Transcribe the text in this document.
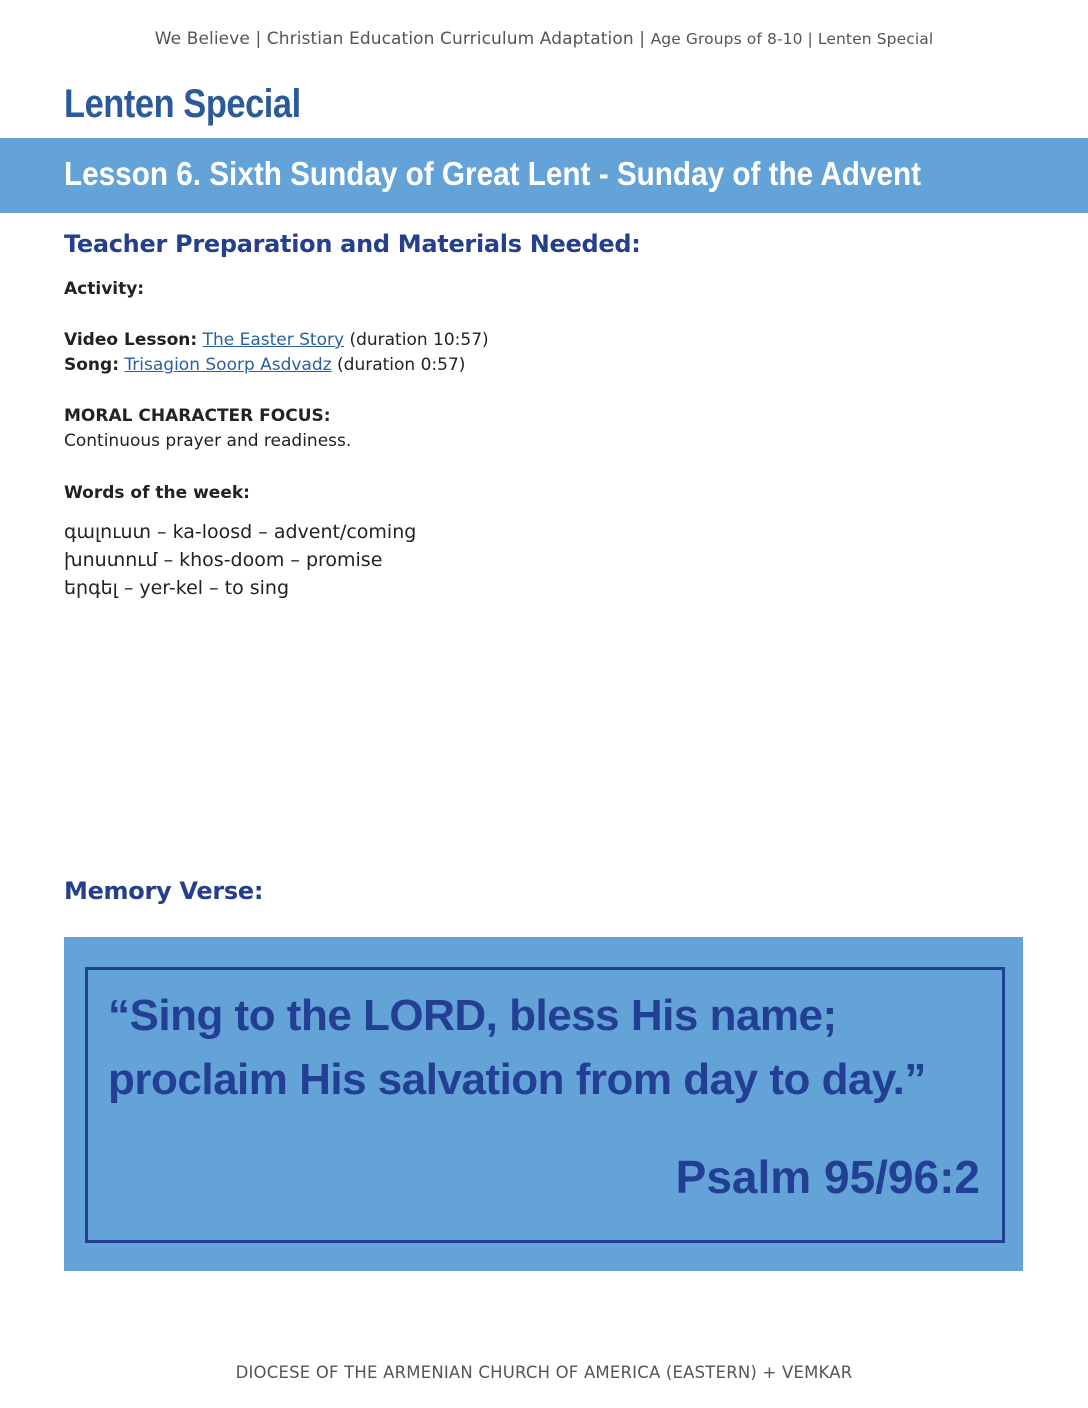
We Believe | Christian Education Curriculum Adaptation | Age Groups of 8-10 | Lenten Special
Lenten Special
Lesson 6. Sixth Sunday of Great Lent - Sunday of the Advent
Teacher Preparation and Materials Needed:
Activity:
Video Lesson: The Easter Story (duration 10:57)
Song: Trisagion Soorp Asdvadz (duration 0:57)
MORAL CHARACTER FOCUS:
Continuous prayer and readiness.
Words of the week:
գալուստ – ka-loosd – advent/coming
խոստում – khos-doom – promise
երգել – yer-kel – to sing
Memory Verse:
“Sing to the LORD, bless His name;
proclaim His salvation from day to day.”
Psalm 95/96:2
DIOCESE OF THE ARMENIAN CHURCH OF AMERICA (EASTERN) + VEMKAR
